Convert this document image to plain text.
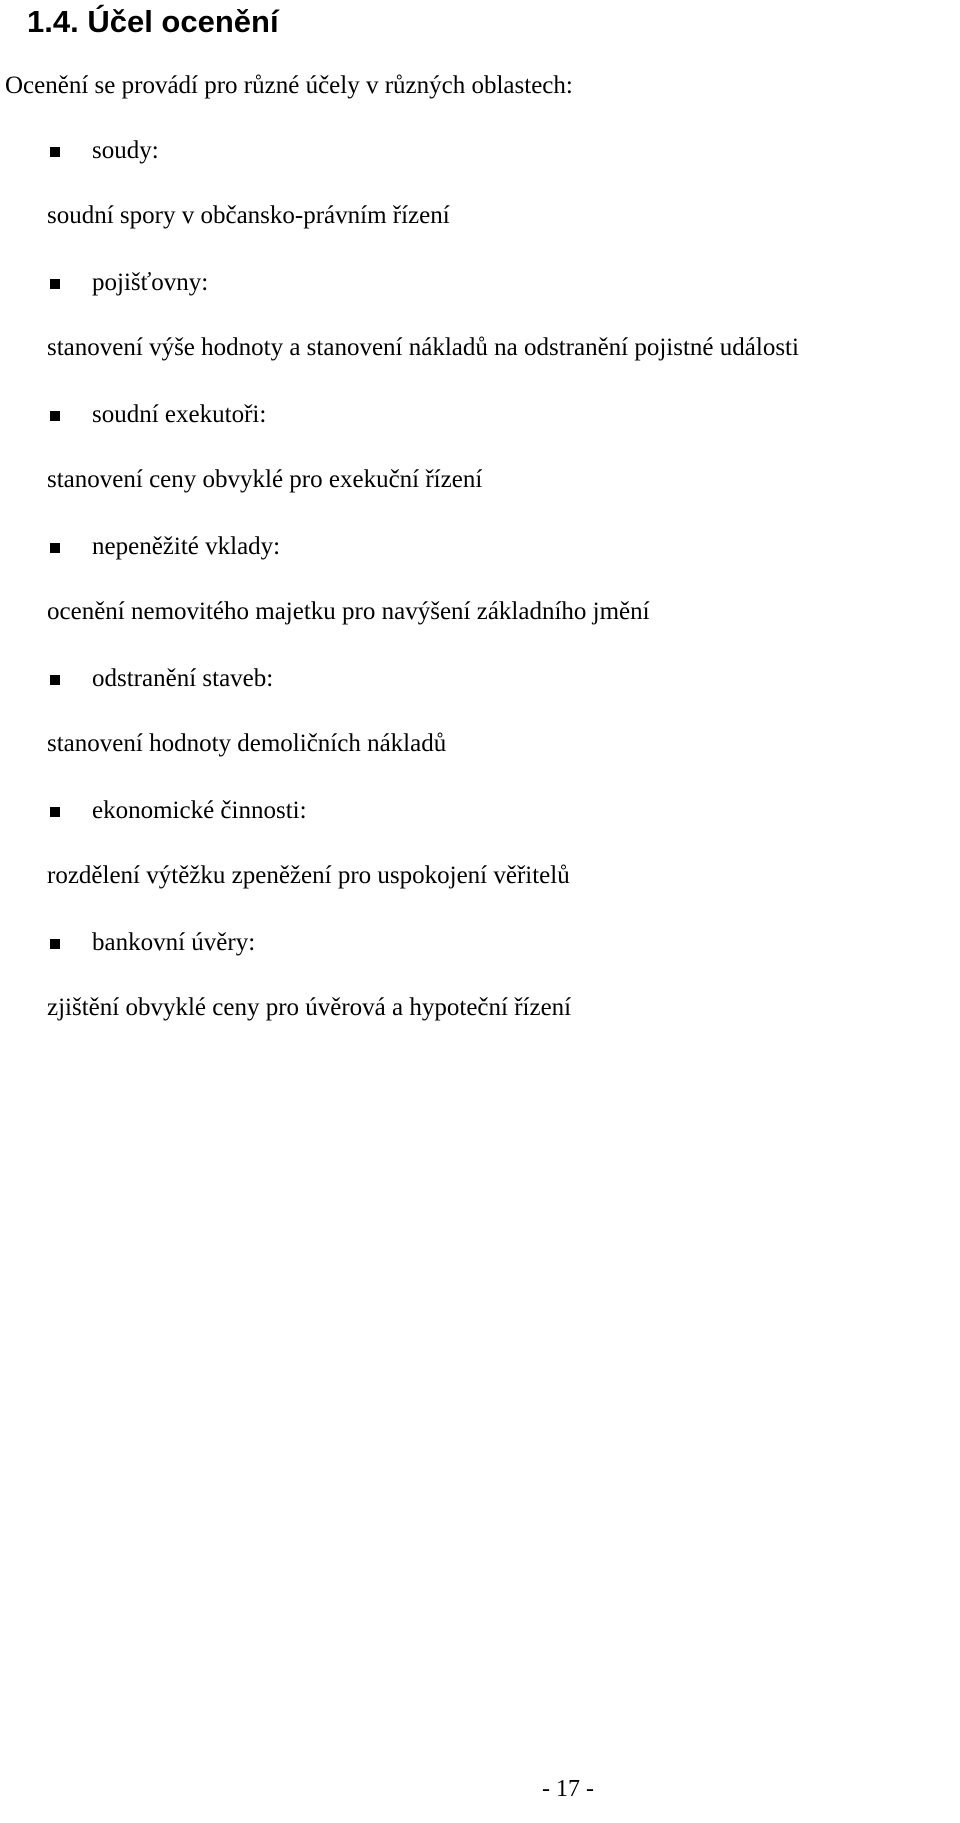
1.4. Účel ocenění

Ocenění se provádí pro různé účely v různých oblastech:

soudy:
soudní spory v občansko-právním řízení
pojišťovny:
stanovení výše hodnoty a stanovení nákladů na odstranění pojistné události
soudní exekutoři:
stanovení ceny obvyklé pro exekuční řízení
nepeněžité vklady:
ocenění nemovitého majetku pro navýšení základního jmění
odstranění staveb:
stanovení hodnoty demoličních nákladů
ekonomické činnosti:
rozdělení výtěžku zpeněžení pro uspokojení věřitelů
bankovní úvěry:
zjištění obvyklé ceny pro úvěrová a hypoteční řízení
- 17 -
